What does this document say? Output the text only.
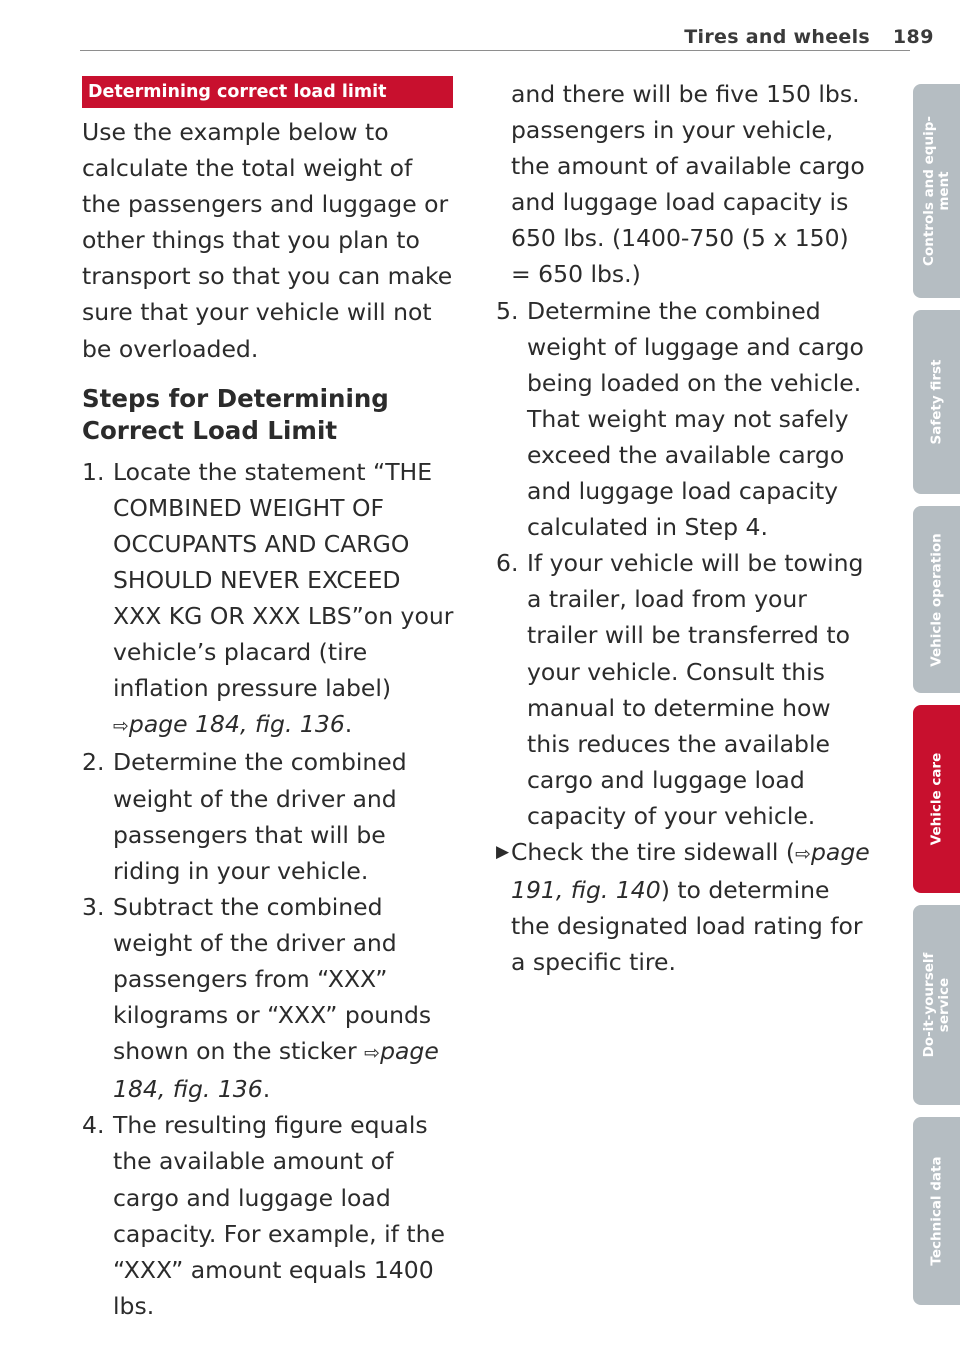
Tires and wheels 189
Determining correct load limit

Use the example below to calculate the total weight of the passengers and luggage or other things that you plan to transport so that you can make sure that your vehicle will not be overloaded.

Steps for Determining Correct Load Limit
1. Locate the statement “THE COMBINED WEIGHT OF OCCUPANTS AND CARGO SHOULD NEVER EXCEED XXX KG OR XXX LBS”on your vehicle’s placard (tire inflation pressure label) ⇨page 184, fig. 136.
2. Determine the combined weight of the driver and passengers that will be riding in your vehicle.
3. Subtract the combined weight of the driver and passengers from “XXX” kilograms or “XXX” pounds shown on the sticker ⇨page 184, fig. 136.
4. The resulting figure equals the available amount of cargo and luggage load capacity. For example, if the “XXX” amount equals 1400 lbs.

and there will be five 150 lbs. passengers in your vehicle, the amount of available cargo and luggage load capacity is 650 lbs. (1400-750 (5 x 150) = 650 lbs.)

5. Determine the combined weight of luggage and cargo being loaded on the vehicle. That weight may not safely exceed the available cargo and luggage load capacity calculated in Step 4.
6. If your vehicle will be towing a trailer, load from your trailer will be transferred to your vehicle. Consult this manual to determine how this reduces the available cargo and luggage load capacity of your vehicle.
▶ Check the tire sidewall (⇨page 191, fig. 140) to determine the designated load rating for a specific tire.
Controls and equip- ment
Safety first
Vehicle operation
Vehicle care
Do-it-yourself service
Technical data
